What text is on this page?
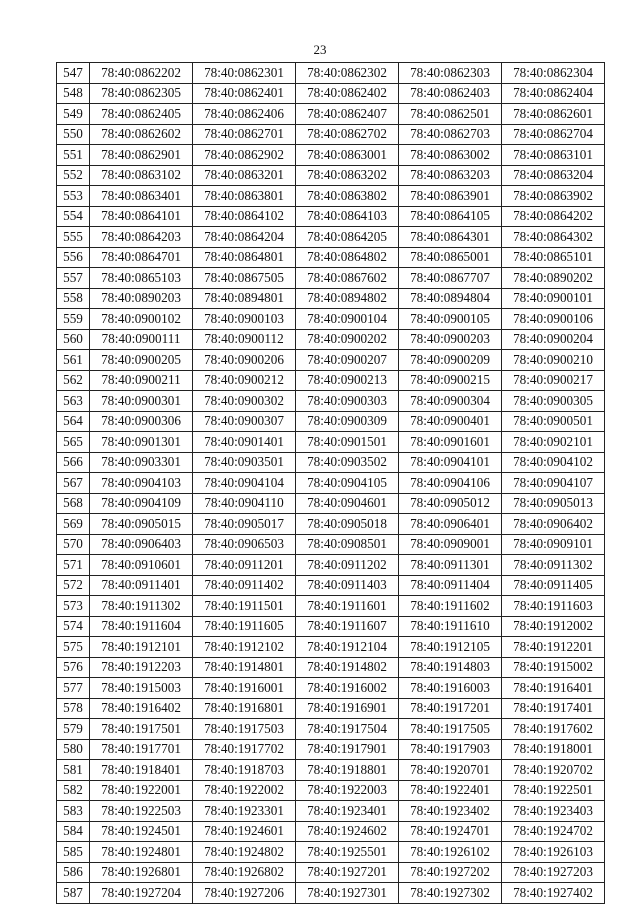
23
547	78:40:0862202	78:40:0862301	78:40:0862302	78:40:0862303	78:40:0862304
548	78:40:0862305	78:40:0862401	78:40:0862402	78:40:0862403	78:40:0862404
549	78:40:0862405	78:40:0862406	78:40:0862407	78:40:0862501	78:40:0862601
550	78:40:0862602	78:40:0862701	78:40:0862702	78:40:0862703	78:40:0862704
551	78:40:0862901	78:40:0862902	78:40:0863001	78:40:0863002	78:40:0863101
552	78:40:0863102	78:40:0863201	78:40:0863202	78:40:0863203	78:40:0863204
553	78:40:0863401	78:40:0863801	78:40:0863802	78:40:0863901	78:40:0863902
554	78:40:0864101	78:40:0864102	78:40:0864103	78:40:0864105	78:40:0864202
555	78:40:0864203	78:40:0864204	78:40:0864205	78:40:0864301	78:40:0864302
556	78:40:0864701	78:40:0864801	78:40:0864802	78:40:0865001	78:40:0865101
557	78:40:0865103	78:40:0867505	78:40:0867602	78:40:0867707	78:40:0890202
558	78:40:0890203	78:40:0894801	78:40:0894802	78:40:0894804	78:40:0900101
559	78:40:0900102	78:40:0900103	78:40:0900104	78:40:0900105	78:40:0900106
560	78:40:0900111	78:40:0900112	78:40:0900202	78:40:0900203	78:40:0900204
561	78:40:0900205	78:40:0900206	78:40:0900207	78:40:0900209	78:40:0900210
562	78:40:0900211	78:40:0900212	78:40:0900213	78:40:0900215	78:40:0900217
563	78:40:0900301	78:40:0900302	78:40:0900303	78:40:0900304	78:40:0900305
564	78:40:0900306	78:40:0900307	78:40:0900309	78:40:0900401	78:40:0900501
565	78:40:0901301	78:40:0901401	78:40:0901501	78:40:0901601	78:40:0902101
566	78:40:0903301	78:40:0903501	78:40:0903502	78:40:0904101	78:40:0904102
567	78:40:0904103	78:40:0904104	78:40:0904105	78:40:0904106	78:40:0904107
568	78:40:0904109	78:40:0904110	78:40:0904601	78:40:0905012	78:40:0905013
569	78:40:0905015	78:40:0905017	78:40:0905018	78:40:0906401	78:40:0906402
570	78:40:0906403	78:40:0906503	78:40:0908501	78:40:0909001	78:40:0909101
571	78:40:0910601	78:40:0911201	78:40:0911202	78:40:0911301	78:40:0911302
572	78:40:0911401	78:40:0911402	78:40:0911403	78:40:0911404	78:40:0911405
573	78:40:1911302	78:40:1911501	78:40:1911601	78:40:1911602	78:40:1911603
574	78:40:1911604	78:40:1911605	78:40:1911607	78:40:1911610	78:40:1912002
575	78:40:1912101	78:40:1912102	78:40:1912104	78:40:1912105	78:40:1912201
576	78:40:1912203	78:40:1914801	78:40:1914802	78:40:1914803	78:40:1915002
577	78:40:1915003	78:40:1916001	78:40:1916002	78:40:1916003	78:40:1916401
578	78:40:1916402	78:40:1916801	78:40:1916901	78:40:1917201	78:40:1917401
579	78:40:1917501	78:40:1917503	78:40:1917504	78:40:1917505	78:40:1917602
580	78:40:1917701	78:40:1917702	78:40:1917901	78:40:1917903	78:40:1918001
581	78:40:1918401	78:40:1918703	78:40:1918801	78:40:1920701	78:40:1920702
582	78:40:1922001	78:40:1922002	78:40:1922003	78:40:1922401	78:40:1922501
583	78:40:1922503	78:40:1923301	78:40:1923401	78:40:1923402	78:40:1923403
584	78:40:1924501	78:40:1924601	78:40:1924602	78:40:1924701	78:40:1924702
585	78:40:1924801	78:40:1924802	78:40:1925501	78:40:1926102	78:40:1926103
586	78:40:1926801	78:40:1926802	78:40:1927201	78:40:1927202	78:40:1927203
587	78:40:1927204	78:40:1927206	78:40:1927301	78:40:1927302	78:40:1927402
